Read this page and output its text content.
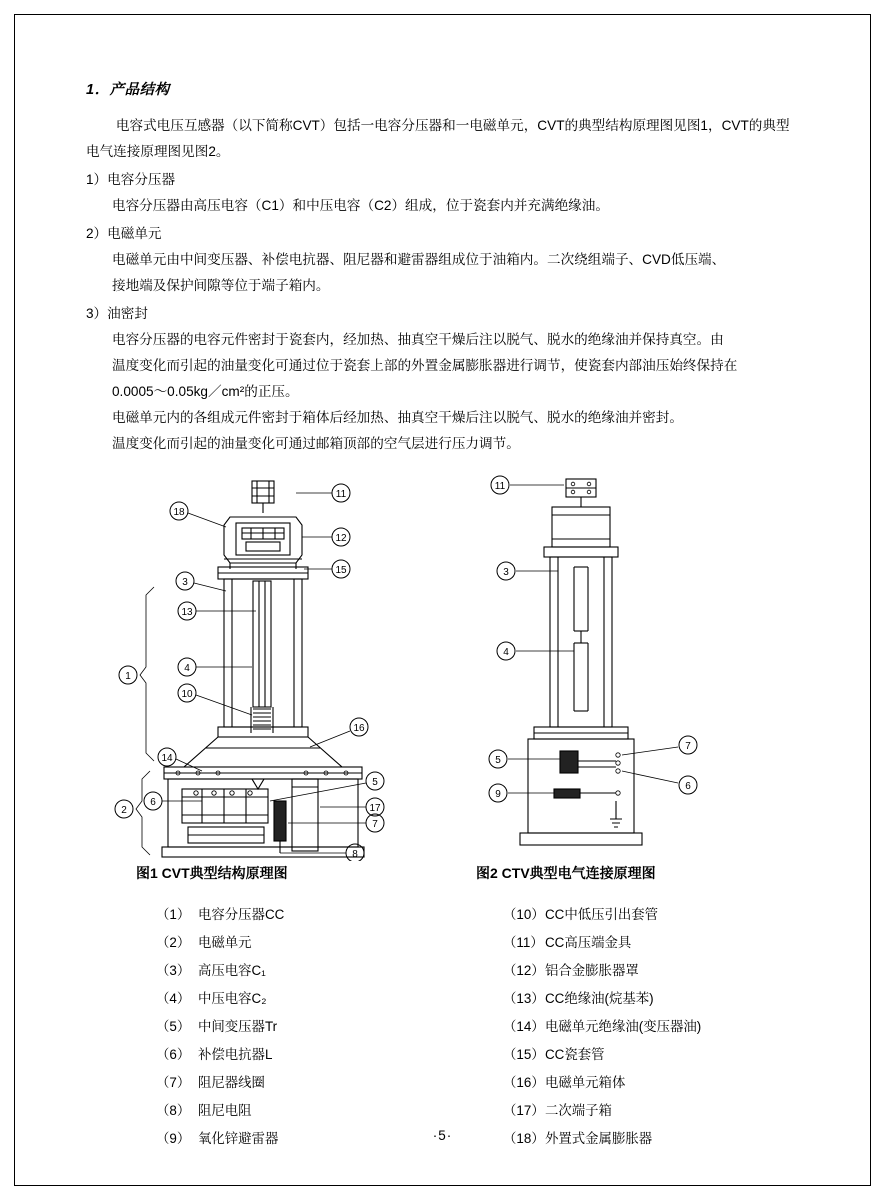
1．产品结构

电容式电压互感器（以下简称CVT）包括一电容分压器和一电磁单元，CVT的典型结构原理图见图1，CVT的典型电气连接原理图见图2。

1）电容分压器
电容分压器由高压电容（C1）和中压电容（C2）组成，位于瓷套内并充满绝缘油。
2）电磁单元
电磁单元由中间变压器、补偿电抗器、阻尼器和避雷器组成位于油箱内。二次绕组端子、CVD低压端、
接地端及保护间隙等位于端子箱内。
3）油密封
电容分压器的电容元件密封于瓷套内，经加热、抽真空干燥后注以脱气、脱水的绝缘油并保持真空。由
温度变化而引起的油量变化可通过位于瓷套上部的外置金属膨胀器进行调节，使瓷套内部油压始终保持在
0.0005～0.05kg／cm²的正压。
电磁单元内的各组成元件密封于箱体后经加热、抽真空干燥后注以脱气、脱水的绝缘油并密封。
温度变化而引起的油量变化可通过邮箱顶部的空气层进行压力调节。
11
18
12
15
3
13
4
10
16
14
5
6
17
7
8
1
2
11
3
4
5
9
7
6
图1 CVT典型结构原理图	图2 CTV典型电气连接原理图
（1） 电容分压器CC
（2） 电磁单元
（3） 高压电容C₁
（4） 中压电容C₂
（5） 中间变压器Tr
（6） 补偿电抗器L
（7） 阻尼器线圈
（8） 阻尼电阻
（9） 氧化锌避雷器
（10）CC中低压引出套管
（11）CC高压端金具
（12）铝合金膨胀器罩
（13）CC绝缘油(烷基苯)
（14）电磁单元绝缘油(变压器油)
（15）CC瓷套管
（16）电磁单元箱体
（17）二次端子箱
（18）外置式金属膨胀器
·5·
